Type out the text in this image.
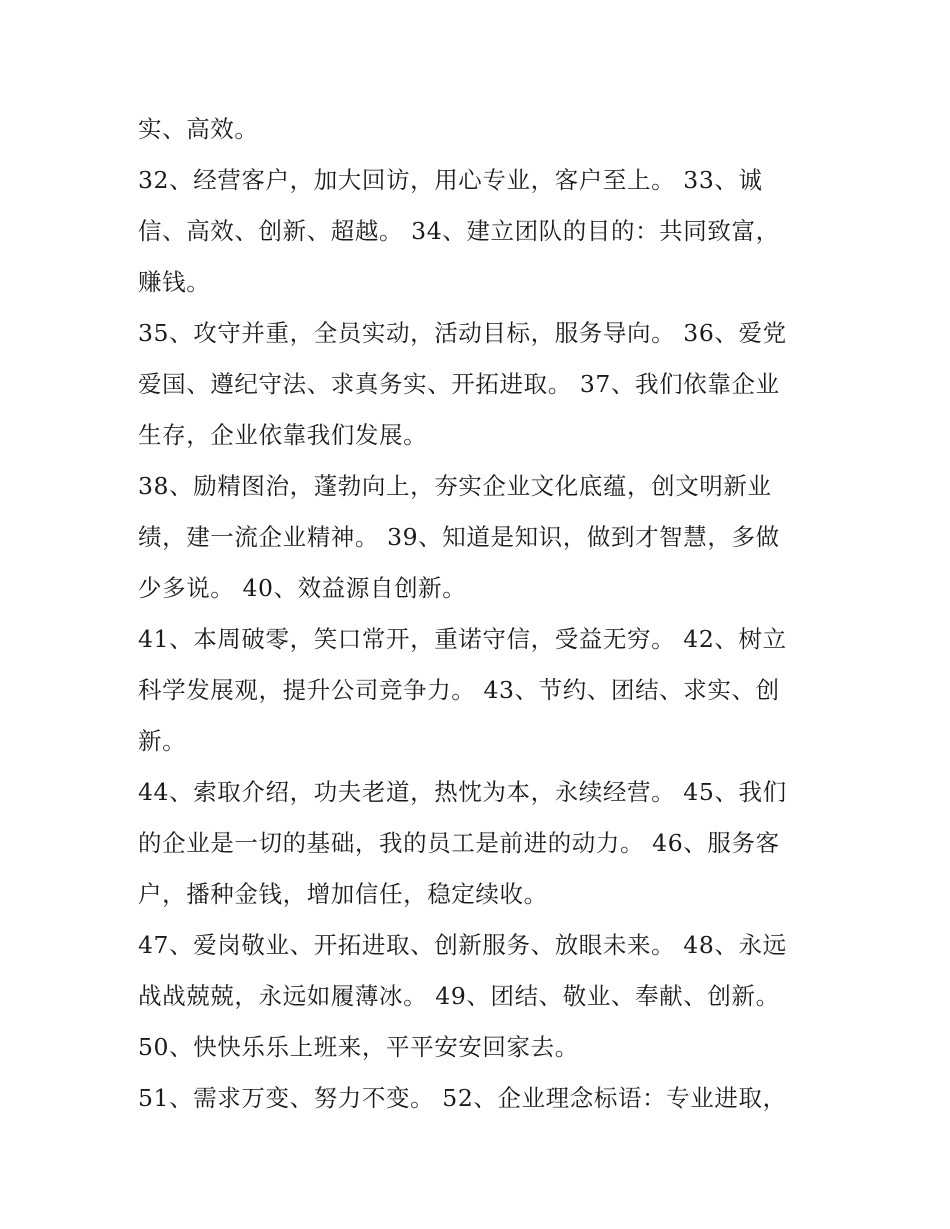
实、高效。
32、经营客户，加大回访，用心专业，客户至上。 33、诚
信、高效、创新、超越。 34、建立团队的目的：共同致富，
赚钱。
35、攻守并重，全员实动，活动目标，服务导向。 36、爱党
爱国、遵纪守法、求真务实、开拓进取。 37、我们依靠企业
生存，企业依靠我们发展。
38、励精图治，蓬勃向上，夯实企业文化底蕴，创文明新业
绩，建一流企业精神。 39、知道是知识，做到才智慧，多做
少多说。 40、效益源自创新。
41、本周破零，笑口常开，重诺守信，受益无穷。 42、树立
科学发展观，提升公司竞争力。 43、节约、团结、求实、创
新。
44、索取介绍，功夫老道，热忱为本，永续经营。 45、我们
的企业是一切的基础，我的员工是前进的动力。 46、服务客
户，播种金钱，增加信任，稳定续收。
47、爱岗敬业、开拓进取、创新服务、放眼未来。 48、永远
战战兢兢，永远如履薄冰。 49、团结、敬业、奉献、创新。
50、快快乐乐上班来，平平安安回家去。
51、需求万变、努力不变。 52、企业理念标语：专业进取，
